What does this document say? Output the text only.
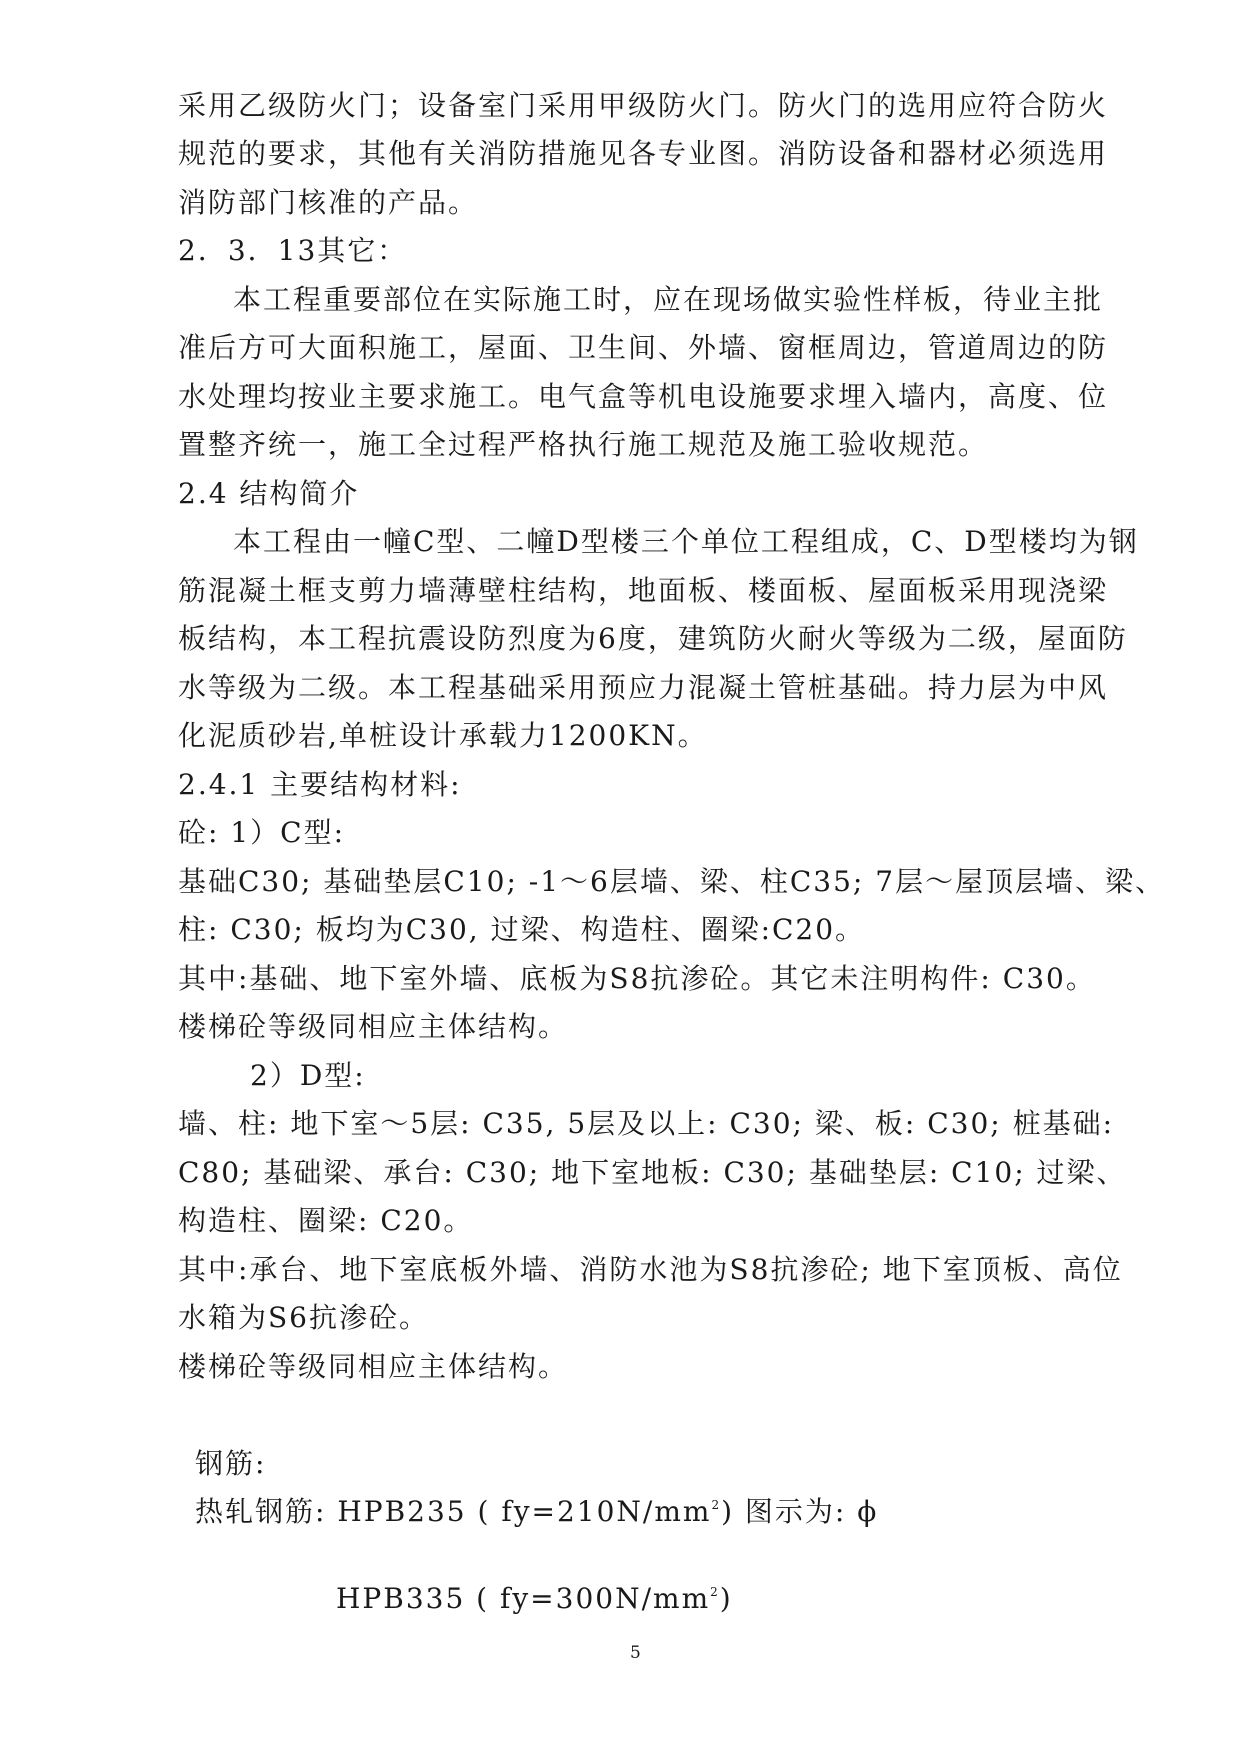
采用乙级防火门；设备室门采用甲级防火门。防火门的选用应符合防火
规范的要求，其他有关消防措施见各专业图。消防设备和器材必须选用
消防部门核准的产品。
2．3．13其它：
本工程重要部位在实际施工时，应在现场做实验性样板，待业主批
准后方可大面积施工，屋面、卫生间、外墙、窗框周边，管道周边的防
水处理均按业主要求施工。电气盒等机电设施要求埋入墙内，高度、位
置整齐统一，施工全过程严格执行施工规范及施工验收规范。
2.4 结构简介
本工程由一幢C型、二幢D型楼三个单位工程组成，C、D型楼均为钢
筋混凝土框支剪力墙薄壁柱结构，地面板、楼面板、屋面板采用现浇梁
板结构，本工程抗震设防烈度为6度，建筑防火耐火等级为二级，屋面防
水等级为二级。本工程基础采用预应力混凝土管桩基础。持力层为中风
化泥质砂岩,单桩设计承载力1200KN。
2.4.1 主要结构材料:
砼: 1）C型:
基础C30; 基础垫层C10; -1～6层墙、梁、柱C35; 7层～屋顶层墙、梁、
柱: C30; 板均为C30, 过梁、构造柱、圈梁:C20。
其中:基础、地下室外墙、底板为S8抗渗砼。其它未注明构件: C30。
楼梯砼等级同相应主体结构。
2）D型:
墙、柱: 地下室～5层: C35, 5层及以上: C30; 梁、板: C30; 桩基础:
C80; 基础梁、承台: C30; 地下室地板: C30; 基础垫层: C10; 过梁、
构造柱、圈梁: C20。
其中:承台、地下室底板外墙、消防水池为S8抗渗砼; 地下室顶板、高位
水箱为S6抗渗砼。
楼梯砼等级同相应主体结构。
钢筋:
热轧钢筋: HPB235 ( $fy=210N/mm^2$) 图示为: ϕ
HPB335 ( $fy=300N/mm^2$)
5
